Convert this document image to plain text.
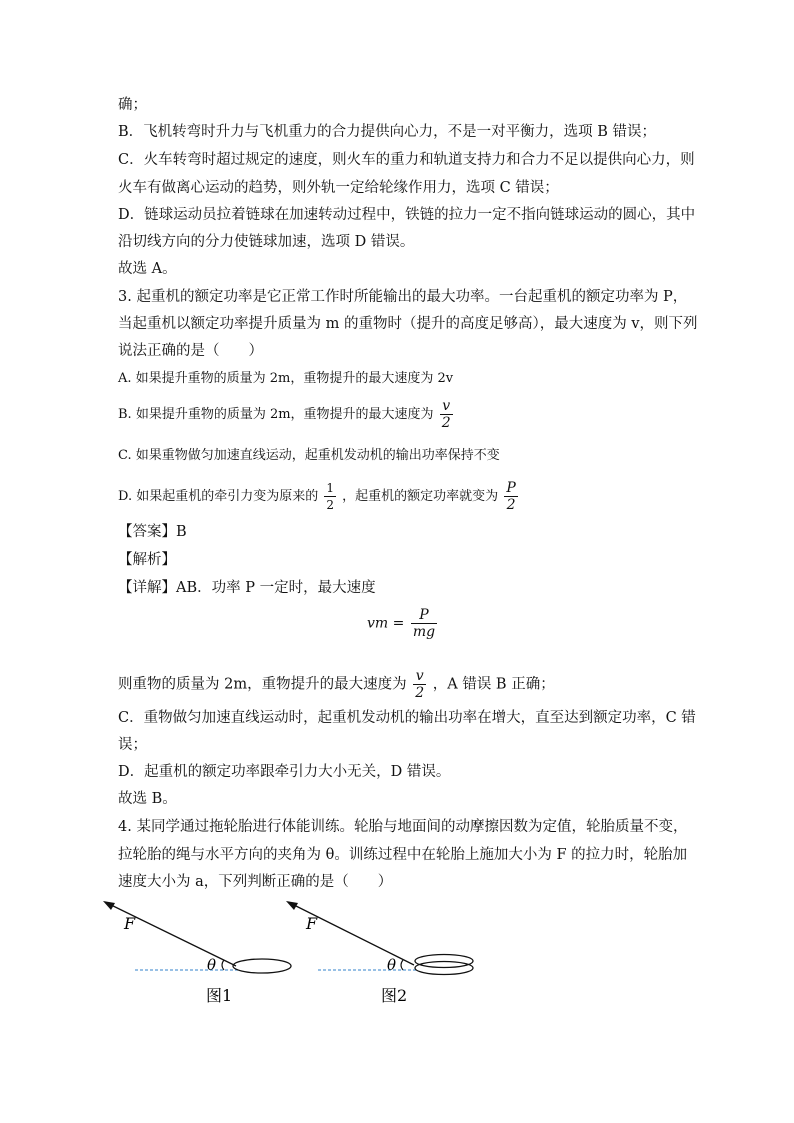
确；
B．飞机转弯时升力与飞机重力的合力提供向心力，不是一对平衡力，选项 B 错误；
C．火车转弯时超过规定的速度，则火车的重力和轨道支持力和合力不足以提供向心力，则
火车有做离心运动的趋势，则外轨一定给轮缘作用力，选项 C 错误；
D．链球运动员拉着链球在加速转动过程中，铁链的拉力一定不指向链球运动的圆心，其中
沿切线方向的分力使链球加速，选项 D 错误。
故选 A。
3. 起重机的额定功率是它正常工作时所能输出的最大功率。一台起重机的额定功率为 P，
当起重机以额定功率提升质量为 m 的重物时（提升的高度足够高），最大速度为 v，则下列
说法正确的是（　　）
A. 如果提升重物的质量为 2m，重物提升的最大速度为 2v
B. 如果提升重物的质量为 2m，重物提升的最大速度为 $\frac{v}{2}$
C. 如果重物做匀加速直线运动，起重机发动机的输出功率保持不变
D. 如果起重机的牵引力变为原来的 $\frac{1}{2}$ ，起重机的额定功率就变为 $\frac{P}{2}$
【答案】B
【解析】
【详解】AB．功率 P 一定时，最大速度
vm = $\frac{P}{mg}$
则重物的质量为 2m，重物提升的最大速度为 $\frac{v}{2}$ ，A 错误 B 正确；
C．重物做匀加速直线运动时，起重机发动机的输出功率在增大，直至达到额定功率，C 错
误；
D．起重机的额定功率跟牵引力大小无关，D 错误。
故选 B。
4. 某同学通过拖轮胎进行体能训练。轮胎与地面间的动摩擦因数为定值，轮胎质量不变，
拉轮胎的绳与水平方向的夹角为 θ。训练过程中在轮胎上施加大小为 F 的拉力时，轮胎加
速度大小为 a，下列判断正确的是（　　）
F
θ
图1
F
θ
图2
